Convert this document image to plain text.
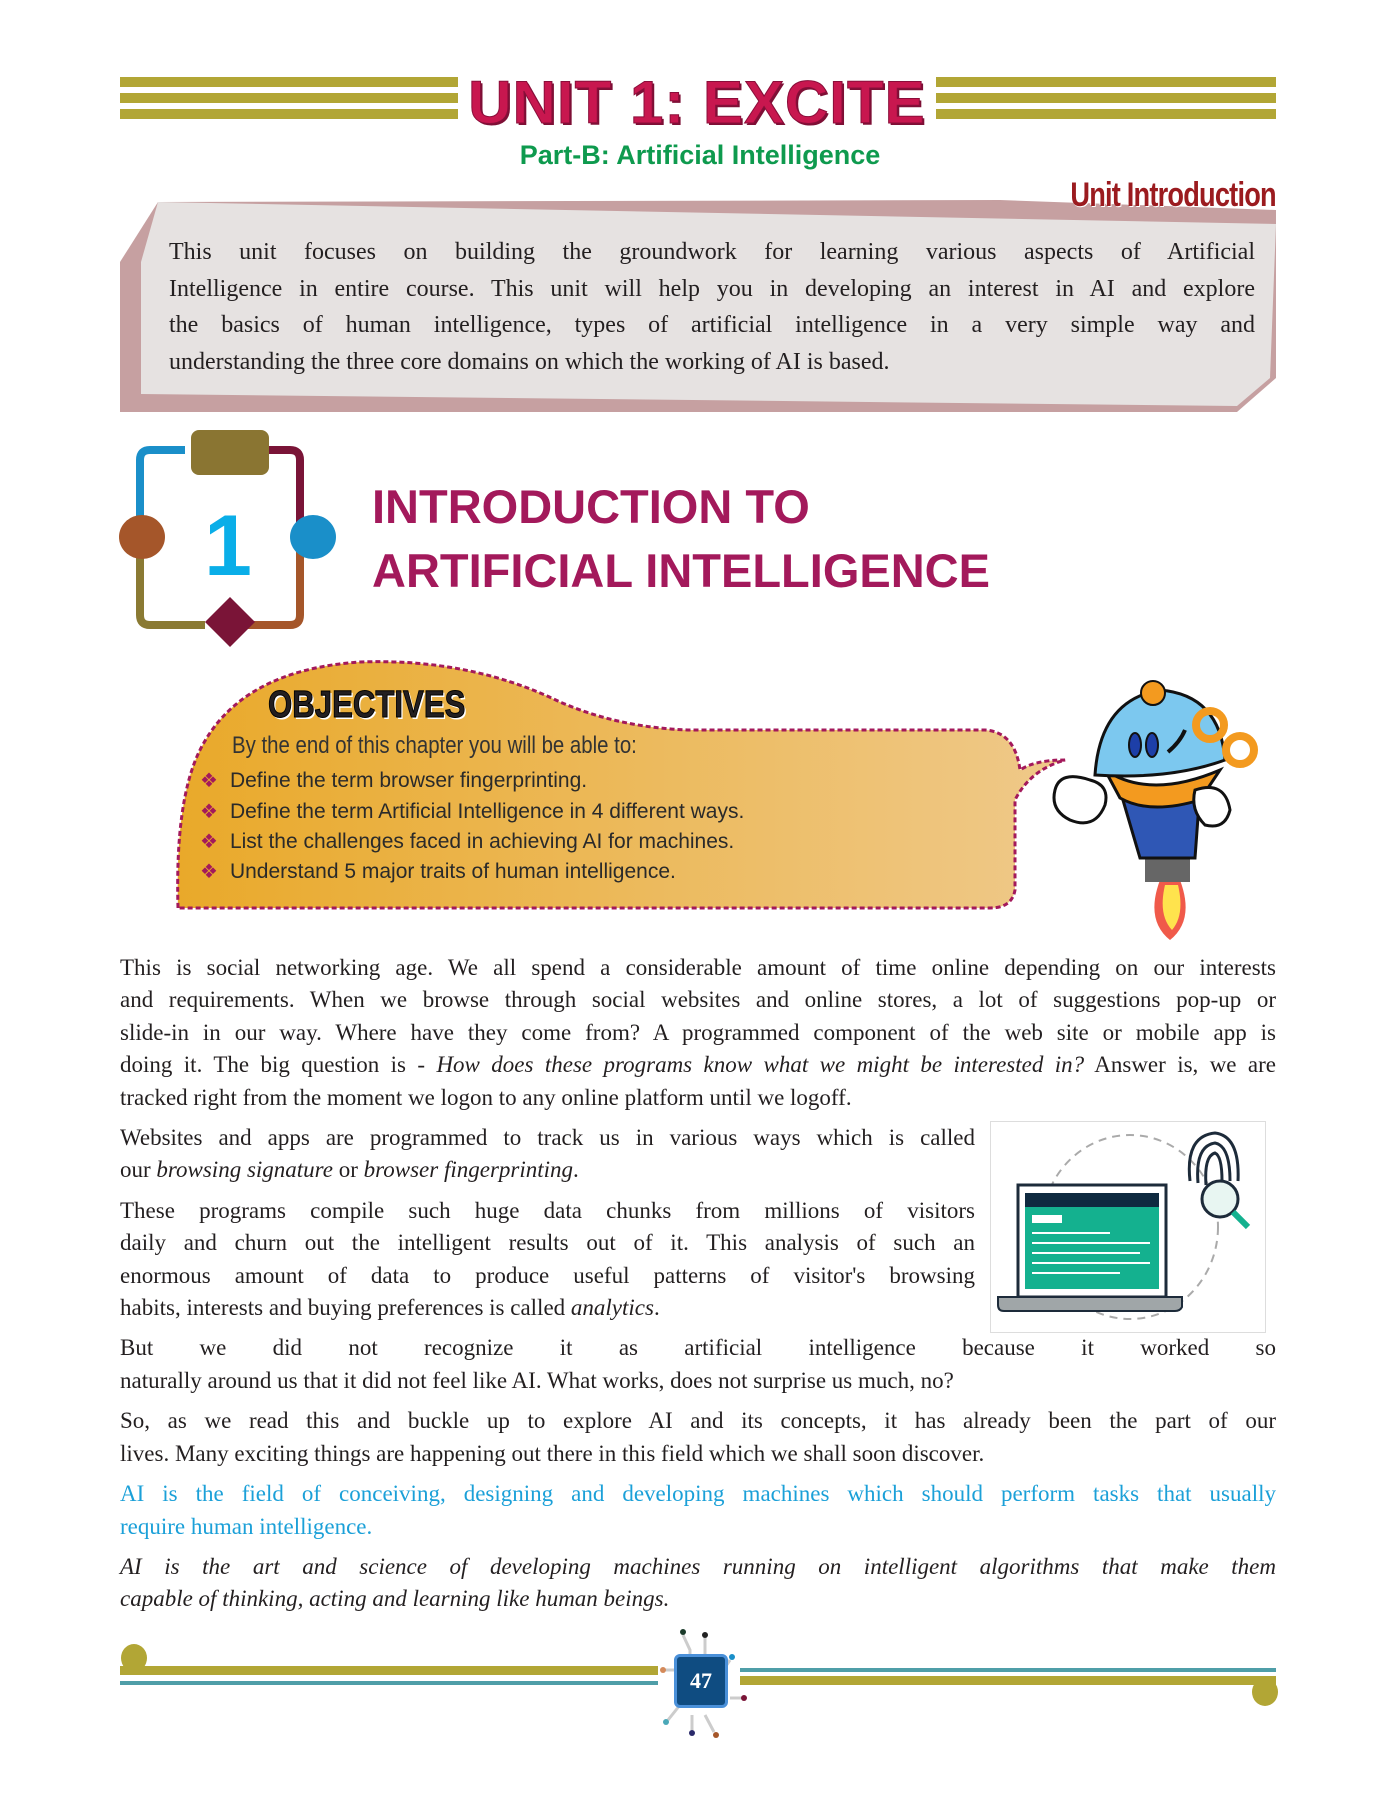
UNIT 1: EXCITE
Part-B: Artificial Intelligence
Unit Introduction
This unit focuses on building the groundwork for learning various aspects of Artificial
Intelligence in entire course. This unit will help you in developing an interest in AI and explore
the basics of human intelligence, types of artificial intelligence in a very simple way and
understanding the three core domains on which the working of AI is based.
1	INTRODUCTION TO
ARTIFICIAL INTELLIGENCE
OBJECTIVES
By the end of this chapter you will be able to:
❖ Define the term browser fingerprinting.
❖ Define the term Artificial Intelligence in 4 different ways.
❖ List the challenges faced in achieving AI for machines.
❖ Understand 5 major traits of human intelligence.
This is social networking age. We all spend a considerable amount of time online depending on our interests
and requirements. When we browse through social websites and online stores, a lot of suggestions pop-up or
slide-in in our way. Where have they come from? A programmed component of the web site or mobile app is
doing it. The big question is - How does these programs know what we might be interested in? Answer is, we are
tracked right from the moment we logon to any online platform until we logoff.
Websites and apps are programmed to track us in various ways which is called
our browsing signature or browser fingerprinting.
These programs compile such huge data chunks from millions of visitors
daily and churn out the intelligent results out of it. This analysis of such an
enormous amount of data to produce useful patterns of visitor's browsing
habits, interests and buying preferences is called analytics.
But we did not recognize it as artificial intelligence because it worked so
naturally around us that it did not feel like AI. What works, does not surprise us much, no?
So, as we read this and buckle up to explore AI and its concepts, it has already been the part of our
lives. Many exciting things are happening out there in this field which we shall soon discover.
AI is the field of conceiving, designing and developing machines which should perform tasks that usually
require human intelligence.
AI is the art and science of developing machines running on intelligent algorithms that make them
capable of thinking, acting and learning like human beings.
47
